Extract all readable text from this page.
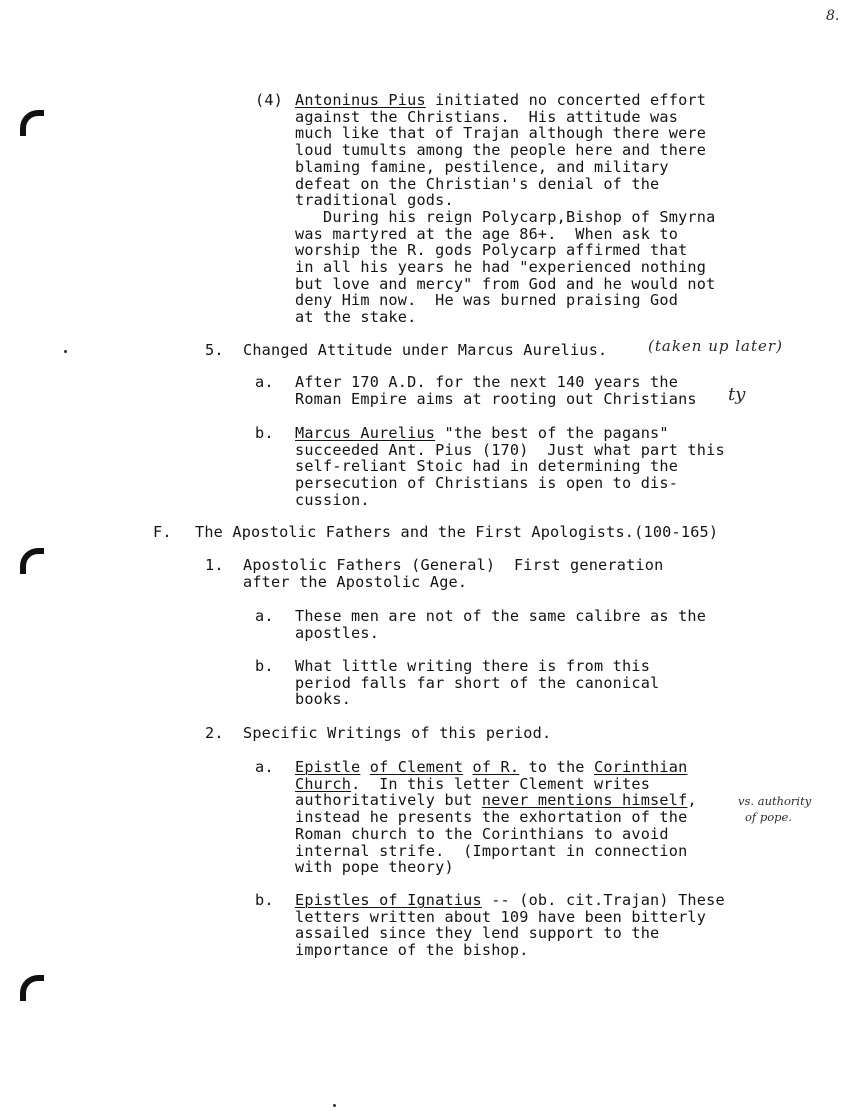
8.
(4) Antoninus Pius initiated no concerted effort
against the Christians.  His attitude was
much like that of Trajan although there were
loud tumults among the people here and there
blaming famine, pestilence, and military
defeat on the Christian's denial of the
traditional gods.
During his reign Polycarp,Bishop of Smyrna
was martyred at the age 86+.  When ask to
worship the R. gods Polycarp affirmed that
in all his years he had "experienced nothing
but love and mercy" from God and he would not
deny Him now.  He was burned praising God
at the stake.
5. Changed Attitude under Marcus Aurelius.	(taken up later)
a. After 170 A.D. for the next 140 years the
Roman Empire aims at rooting out Christians ty
b. Marcus Aurelius "the best of the pagans"
succeeded Ant. Pius (170)  Just what part this
self-reliant Stoic had in determining the
persecution of Christians is open to dis-
cussion.
F. The Apostolic Fathers and the First Apologists.(100-165)
1. Apostolic Fathers (General)  First generation
after the Apostolic Age.
a. These men are not of the same calibre as the
apostles.
b. What little writing there is from this
period falls far short of the canonical
books.
2. Specific Writings of this period.
a. Epistle of Clement of R. to the Corinthian
Church.  In this letter Clement writes
authoritatively but never mentions himself,
instead he presents the exhortation of the
Roman church to the Corinthians to avoid
internal strife.  (Important in connection
with pope theory)
vs. authority
of pope.
b. Epistles of Ignatius -- (ob. cit.Trajan) These
letters written about 109 have been bitterly
assailed since they lend support to the
importance of the bishop.
